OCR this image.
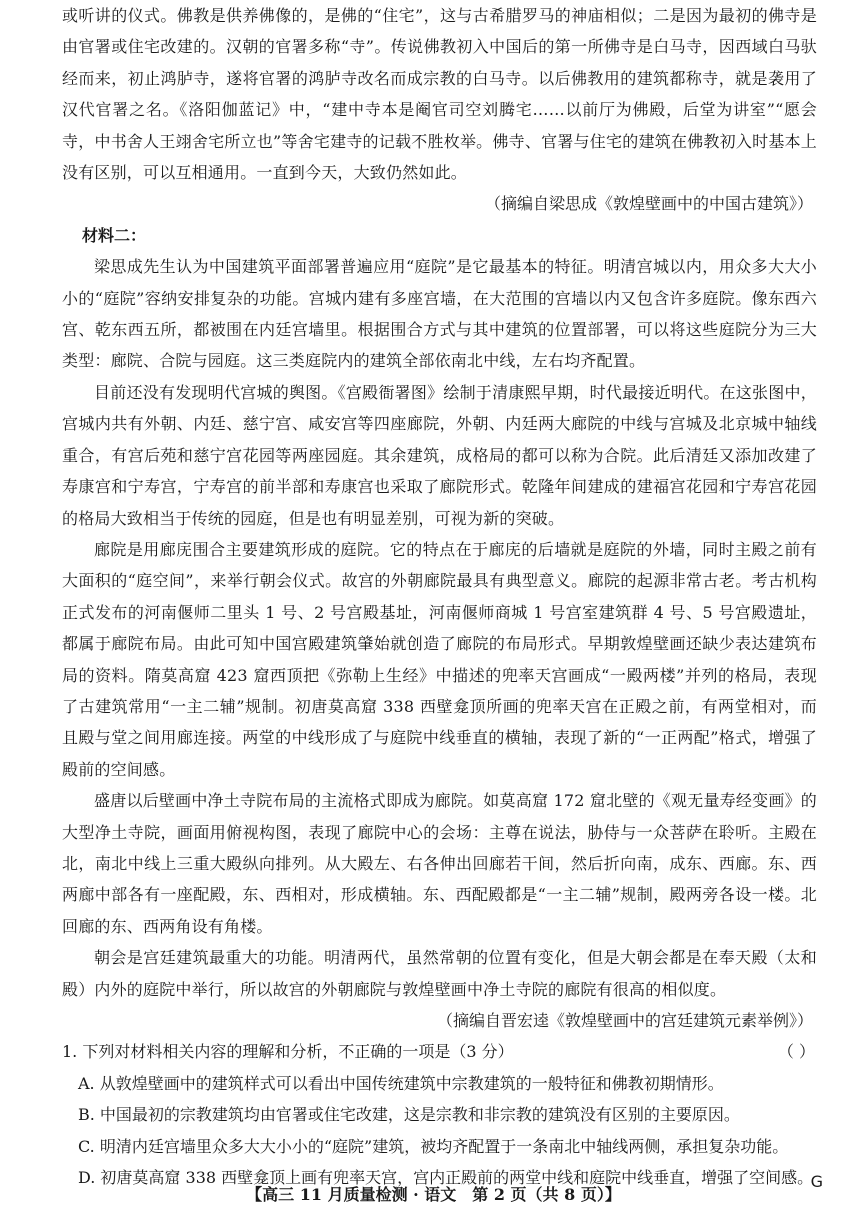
或听讲的仪式。佛教是供养佛像的，是佛的“住宅”，这与古希腊罗马的神庙相似；二是因为最初的佛寺是由官署或住宅改建的。汉朝的官署多称“寺”。传说佛教初入中国后的第一所佛寺是白马寺，因西域白马驮经而来，初止鸿胪寺，遂将官署的鸿胪寺改名而成宗教的白马寺。以后佛教用的建筑都称寺，就是袭用了汉代官署之名。《洛阳伽蓝记》中，“建中寺本是阉官司空刘腾宅……以前厅为佛殿，后堂为讲室”“愿会寺，中书舍人王翊舍宅所立也”等舍宅建寺的记载不胜枚举。佛寺、官署与住宅的建筑在佛教初入时基本上没有区别，可以互相通用。一直到今天，大致仍然如此。

（摘编自梁思成《敦煌壁画中的中国古建筑》）

材料二：

梁思成先生认为中国建筑平面部署普遍应用“庭院”是它最基本的特征。明清宫城以内，用众多大大小小的“庭院”容纳安排复杂的功能。宫城内建有多座宫墙，在大范围的宫墙以内又包含许多庭院。像东西六宫、乾东西五所，都被围在内廷宫墙里。根据围合方式与其中建筑的位置部署，可以将这些庭院分为三大类型：廊院、合院与园庭。这三类庭院内的建筑全部依南北中线，左右均齐配置。

目前还没有发现明代宫城的舆图。《宫殿衙署图》绘制于清康熙早期，时代最接近明代。在这张图中，宫城内共有外朝、内廷、慈宁宫、咸安宫等四座廊院，外朝、内廷两大廊院的中线与宫城及北京城中轴线重合，有宫后苑和慈宁宫花园等两座园庭。其余建筑，成格局的都可以称为合院。此后清廷又添加改建了寿康宫和宁寿宫，宁寿宫的前半部和寿康宫也采取了廊院形式。乾隆年间建成的建福宫花园和宁寿宫花园的格局大致相当于传统的园庭，但是也有明显差别，可视为新的突破。

廊院是用廊庑围合主要建筑形成的庭院。它的特点在于廊庑的后墙就是庭院的外墙，同时主殿之前有大面积的“庭空间”，来举行朝会仪式。故宫的外朝廊院最具有典型意义。廊院的起源非常古老。考古机构正式发布的河南偃师二里头 1 号、2 号宫殿基址，河南偃师商城 1 号宫室建筑群 4 号、5 号宫殿遗址，都属于廊院布局。由此可知中国宫殿建筑肇始就创造了廊院的布局形式。早期敦煌壁画还缺少表达建筑布局的资料。隋莫高窟 423 窟西顶把《弥勒上生经》中描述的兜率天宫画成“一殿两楼”并列的格局，表现了古建筑常用“一主二辅”规制。初唐莫高窟 338 西壁龛顶所画的兜率天宫在正殿之前，有两堂相对，而且殿与堂之间用廊连接。两堂的中线形成了与庭院中线垂直的横轴，表现了新的“一正两配”格式，增强了殿前的空间感。

盛唐以后壁画中净土寺院布局的主流格式即成为廊院。如莫高窟 172 窟北壁的《观无量寿经变画》的大型净土寺院，画面用俯视构图，表现了廊院中心的会场：主尊在说法，胁侍与一众菩萨在聆听。主殿在北，南北中线上三重大殿纵向排列。从大殿左、右各伸出回廊若干间，然后折向南，成东、西廊。东、西两廊中部各有一座配殿，东、西相对，形成横轴。东、西配殿都是“一主二辅”规制，殿两旁各设一楼。北回廊的东、西两角设有角楼。

朝会是宫廷建筑最重大的功能。明清两代，虽然常朝的位置有变化，但是大朝会都是在奉天殿（太和殿）内外的庭院中举行，所以故宫的外朝廊院与敦煌壁画中净土寺院的廊院有很高的相似度。

（摘编自晋宏逵《敦煌壁画中的宫廷建筑元素举例》）

1. 下列对材料相关内容的理解和分析，不正确的一项是（3 分）	（ ）

A. 从敦煌壁画中的建筑样式可以看出中国传统建筑中宗教建筑的一般特征和佛教初期情形。

B. 中国最初的宗教建筑均由官署或住宅改建，这是宗教和非宗教的建筑没有区别的主要原因。

C. 明清内廷宫墙里众多大大小小的“庭院”建筑，被均齐配置于一条南北中轴线两侧，承担复杂功能。

D. 初唐莫高窟 338 西壁龛顶上画有兜率天宫，宫内正殿前的两堂中线和庭院中线垂直，增强了空间感。

【高三 11 月质量检测 · 语文　第 2 页（共 8 页）】
G
